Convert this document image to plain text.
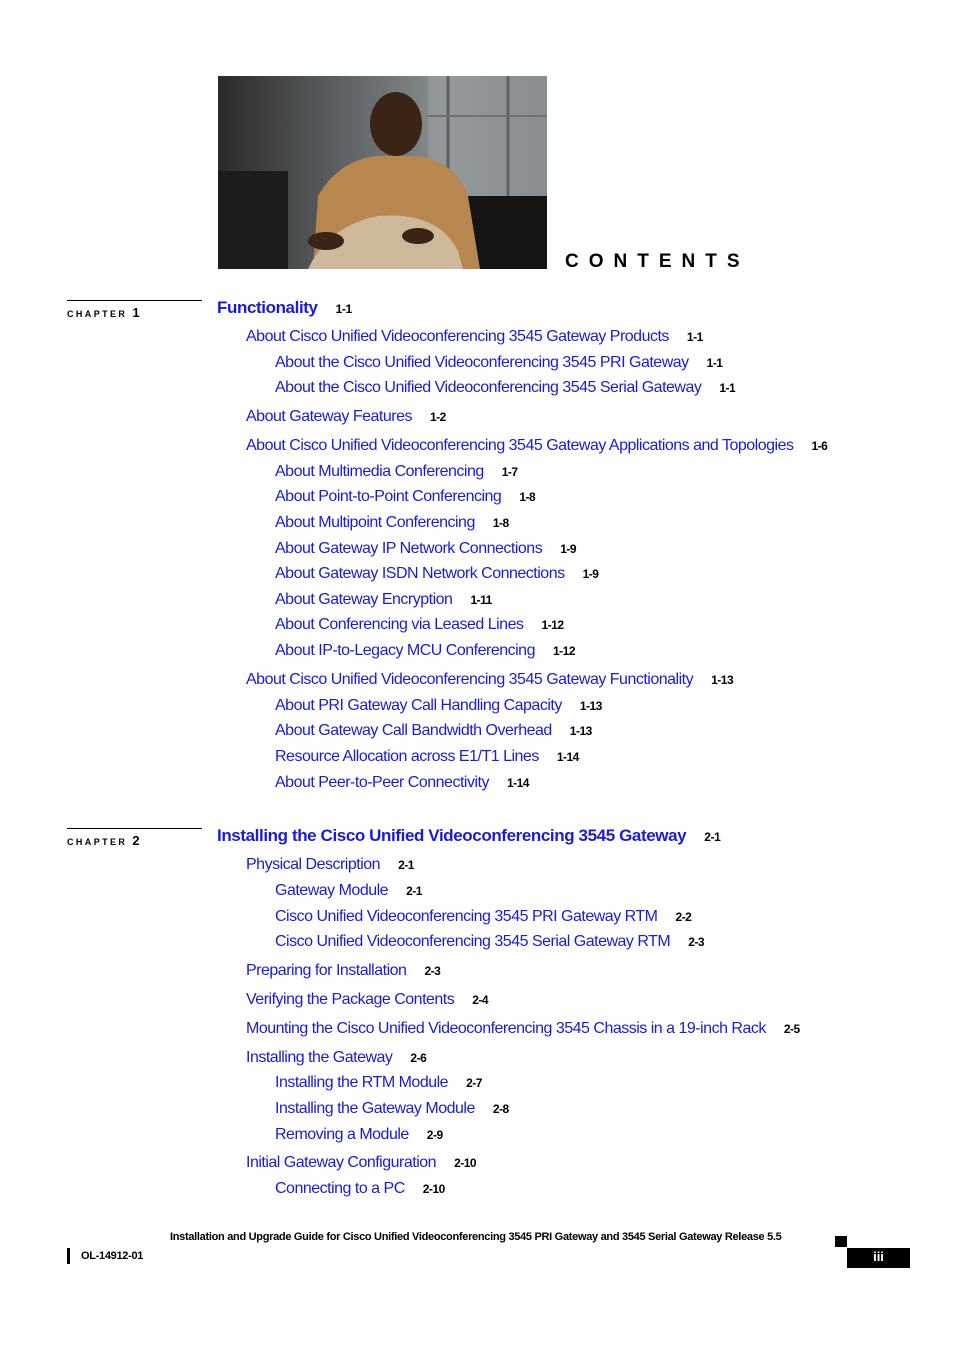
CONTENTS
CHAPTER 1	Functionality 1-1
About Cisco Unified Videoconferencing 3545 Gateway Products 1-1
About the Cisco Unified Videoconferencing 3545 PRI Gateway 1-1
About the Cisco Unified Videoconferencing 3545 Serial Gateway 1-1
About Gateway Features 1-2
About Cisco Unified Videoconferencing 3545 Gateway Applications and Topologies 1-6
About Multimedia Conferencing 1-7
About Point-to-Point Conferencing 1-8
About Multipoint Conferencing 1-8
About Gateway IP Network Connections 1-9
About Gateway ISDN Network Connections 1-9
About Gateway Encryption 1-11
About Conferencing via Leased Lines 1-12
About IP-to-Legacy MCU Conferencing 1-12
About Cisco Unified Videoconferencing 3545 Gateway Functionality 1-13
About PRI Gateway Call Handling Capacity 1-13
About Gateway Call Bandwidth Overhead 1-13
Resource Allocation across E1/T1 Lines 1-14
About Peer-to-Peer Connectivity 1-14
CHAPTER 2	Installing the Cisco Unified Videoconferencing 3545 Gateway 2-1
Physical Description 2-1
Gateway Module 2-1
Cisco Unified Videoconferencing 3545 PRI Gateway RTM 2-2
Cisco Unified Videoconferencing 3545 Serial Gateway RTM 2-3
Preparing for Installation 2-3
Verifying the Package Contents 2-4
Mounting the Cisco Unified Videoconferencing 3545 Chassis in a 19-inch Rack 2-5
Installing the Gateway 2-6
Installing the RTM Module 2-7
Installing the Gateway Module 2-8
Removing a Module 2-9
Initial Gateway Configuration 2-10
Connecting to a PC 2-10
Installation and Upgrade Guide for Cisco Unified Videoconferencing 3545 PRI Gateway and 3545 Serial Gateway Release 5.5
OL-14912-01	iii
